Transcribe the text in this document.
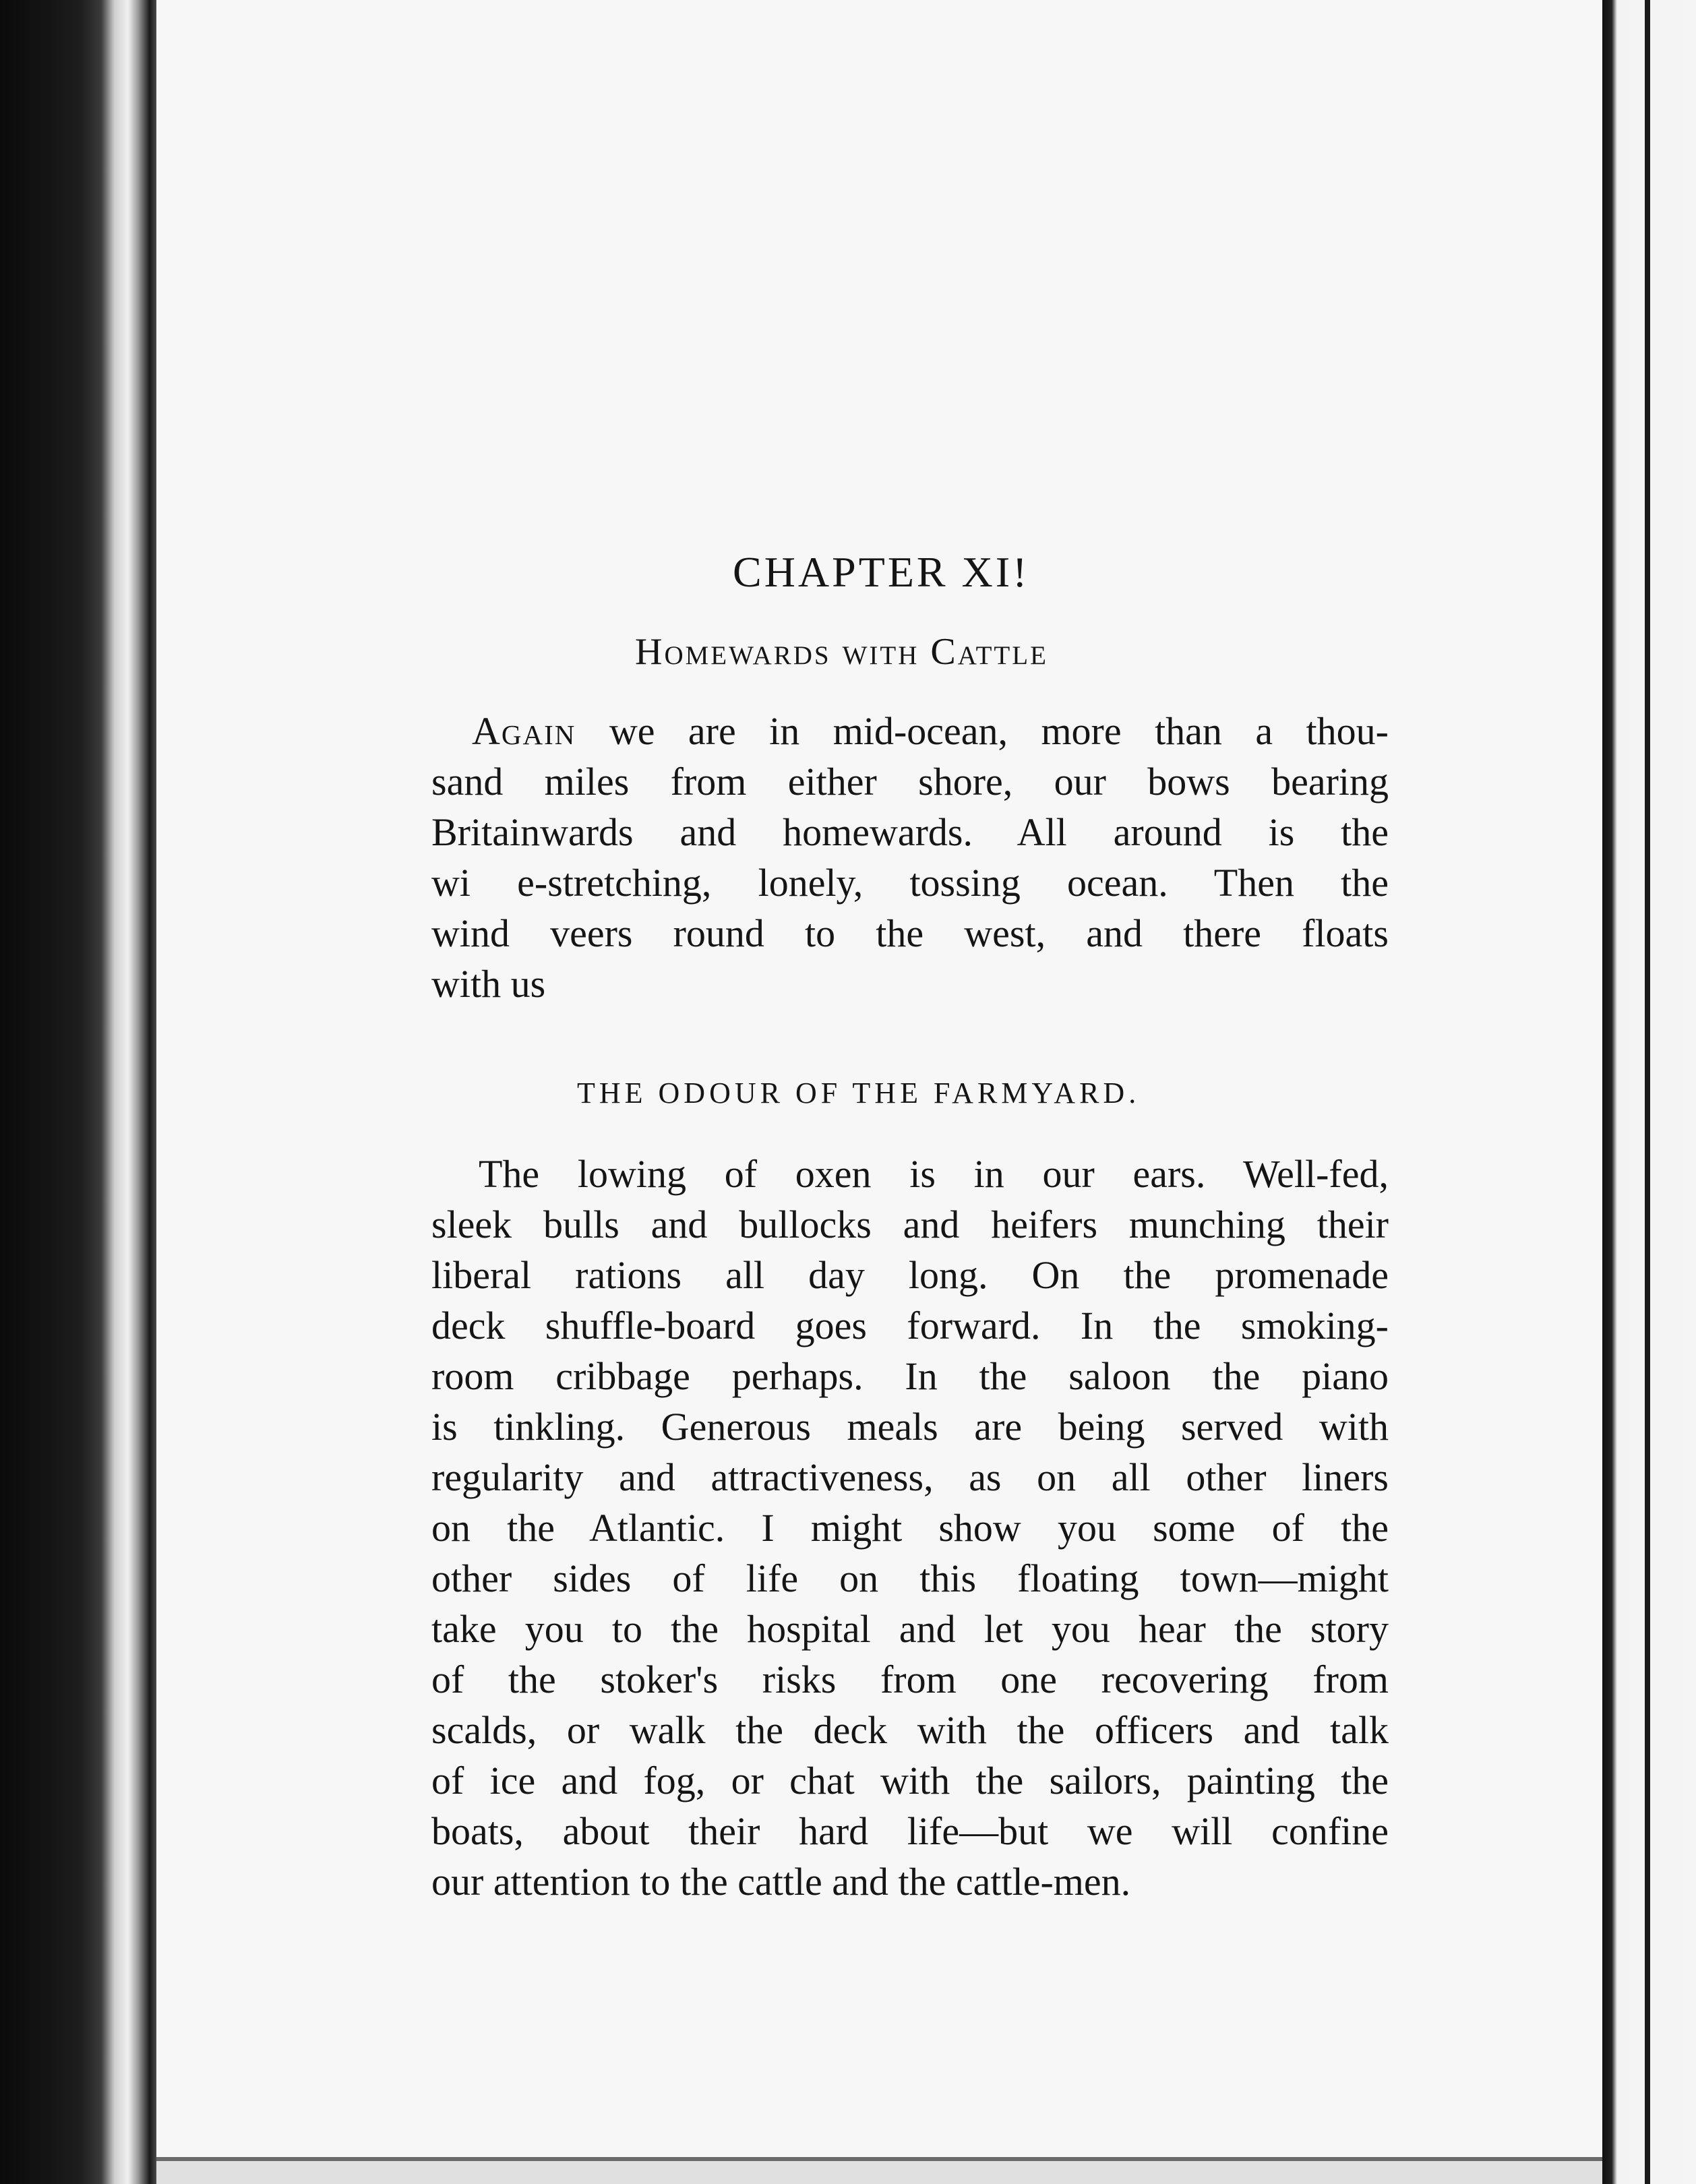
CHAPTER XI!
Homewards with Cattle
Again we are in mid-ocean, more than a thou-
sand miles from either shore, our bows bearing
Britainwards and homewards. All around is the
wi e-stretching, lonely, tossing ocean. Then the
wind veers round to the west, and there floats
with us
THE ODOUR OF THE FARMYARD.
The lowing of oxen is in our ears. Well-fed,
sleek bulls and bullocks and heifers munching their
liberal rations all day long. On the promenade
deck shuffle-board goes forward. In the smoking-
room cribbage perhaps. In the saloon the piano
is tinkling. Generous meals are being served with
regularity and attractiveness, as on all other liners
on the Atlantic. I might show you some of the
other sides of life on this floating town—might
take you to the hospital and let you hear the story
of the stoker's risks from one recovering from
scalds, or walk the deck with the officers and talk
of ice and fog, or chat with the sailors, painting the
boats, about their hard life—but we will confine
our attention to the cattle and the cattle-men.
